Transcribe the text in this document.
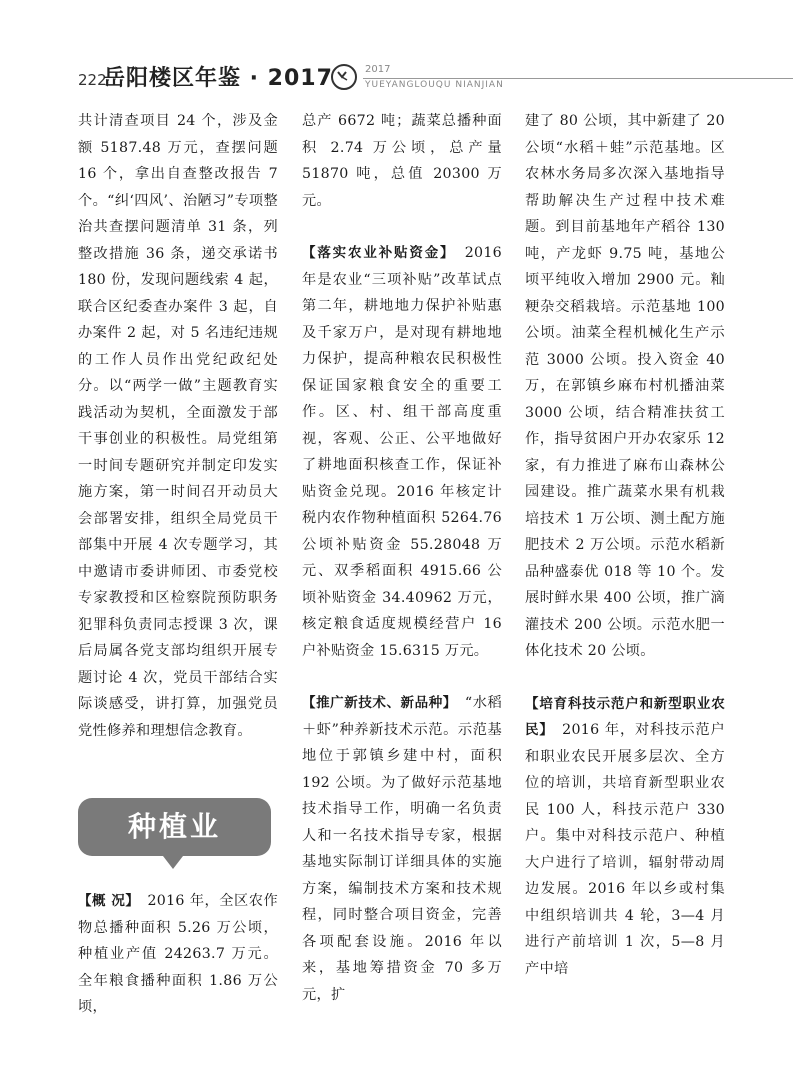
222
岳阳楼区年鉴 · 2017	2017
YUEYANGLOUQU NIANJIAN

共计清查项目 24 个，涉及金额 5187.48 万元，查摆问题 16 个，拿出自查整改报告 7 个。“纠‘四风’、治陋习”专项整治共查摆问题清单 31 条，列整改措施 36 条，递交承诺书 180 份，发现问题线索 4 起，联合区纪委查办案件 3 起，自办案件 2 起，对 5 名违纪违规的工作人员作出党纪政纪处分。以“两学一做”主题教育实践活动为契机，全面激发于部干事创业的积极性。局党组第一时间专题研究并制定印发实施方案，第一时间召开动员大会部署安排，组织全局党员干部集中开展 4 次专题学习，其中邀请市委讲师团、市委党校专家教授和区检察院预防职务犯罪科负责同志授课 3 次，课后局属各党支部均组织开展专题讨论 4 次，党员干部结合实际谈感受，讲打算，加强党员党性修养和理想信念教育。

种植业

【概 况】　 2016 年，全区农作物总播种面积 5.26 万公顷，种植业产值 24263.7 万元。全年粮食播种面积 1.86 万公顷，

总产 6672 吨；蔬菜总播种面积 2.74 万公顷，总产量 51870 吨，总值 20300 万元。

【落实农业补贴资金】　 2016 年是农业“三项补贴”改革试点第二年，耕地地力保护补贴惠及千家万户，是对现有耕地地力保护，提高种粮农民积极性保证国家粮食安全的重要工作。区、村、组干部高度重视，客观、公正、公平地做好了耕地面积核查工作，保证补贴资金兑现。2016 年核定计税内农作物种植面积 5264.76 公顷补贴资金 55.28048 万元、双季稻面积 4915.66 公顷补贴资金 34.40962 万元，核定粮食适度规模经营户 16 户补贴资金 15.6315 万元。

【推广新技术、新品种】　 “水稻＋虾”种养新技术示范。示范基地位于郭镇乡建中村，面积 192 公顷。为了做好示范基地技术指导工作，明确一名负责人和一名技术指导专家，根据基地实际制订详细具体的实施方案，编制技术方案和技术规程，同时整合项目资金，完善各项配套设施。2016 年以来，基地筹措资金 70 多万元，扩

建了 80 公顷，其中新建了 20 公顷“水稻＋蛙”示范基地。区农林水务局多次深入基地指导帮助解决生产过程中技术难题。到目前基地年产稻谷 130 吨，产龙虾 9.75 吨，基地公顷平纯收入增加 2900 元。籼粳杂交稻栽培。示范基地 100 公顷。油菜全程机械化生产示范 3000 公顷。投入资金 40 万，在郭镇乡麻布村机播油菜 3000 公顷，结合精准扶贫工作，指导贫困户开办农家乐 12 家，有力推进了麻布山森林公园建设。推广蔬菜水果有机栽培技术 1 万公顷、测土配方施肥技术 2 万公顷。示范水稻新品种盛泰优 018 等 10 个。发展时鲜水果 400 公顷，推广滴灌技术 200 公顷。示范水肥一体化技术 20 公顷。

【培育科技示范户和新型职业农民】　 2016 年，对科技示范户和职业农民开展多层次、全方位的培训，共培育新型职业农民 100 人，科技示范户 330 户。集中对科技示范户、种植大户进行了培训，辐射带动周边发展。2016 年以乡或村集中组织培训共 4 轮，3—4 月进行产前培训 1 次，5—8 月产中培
